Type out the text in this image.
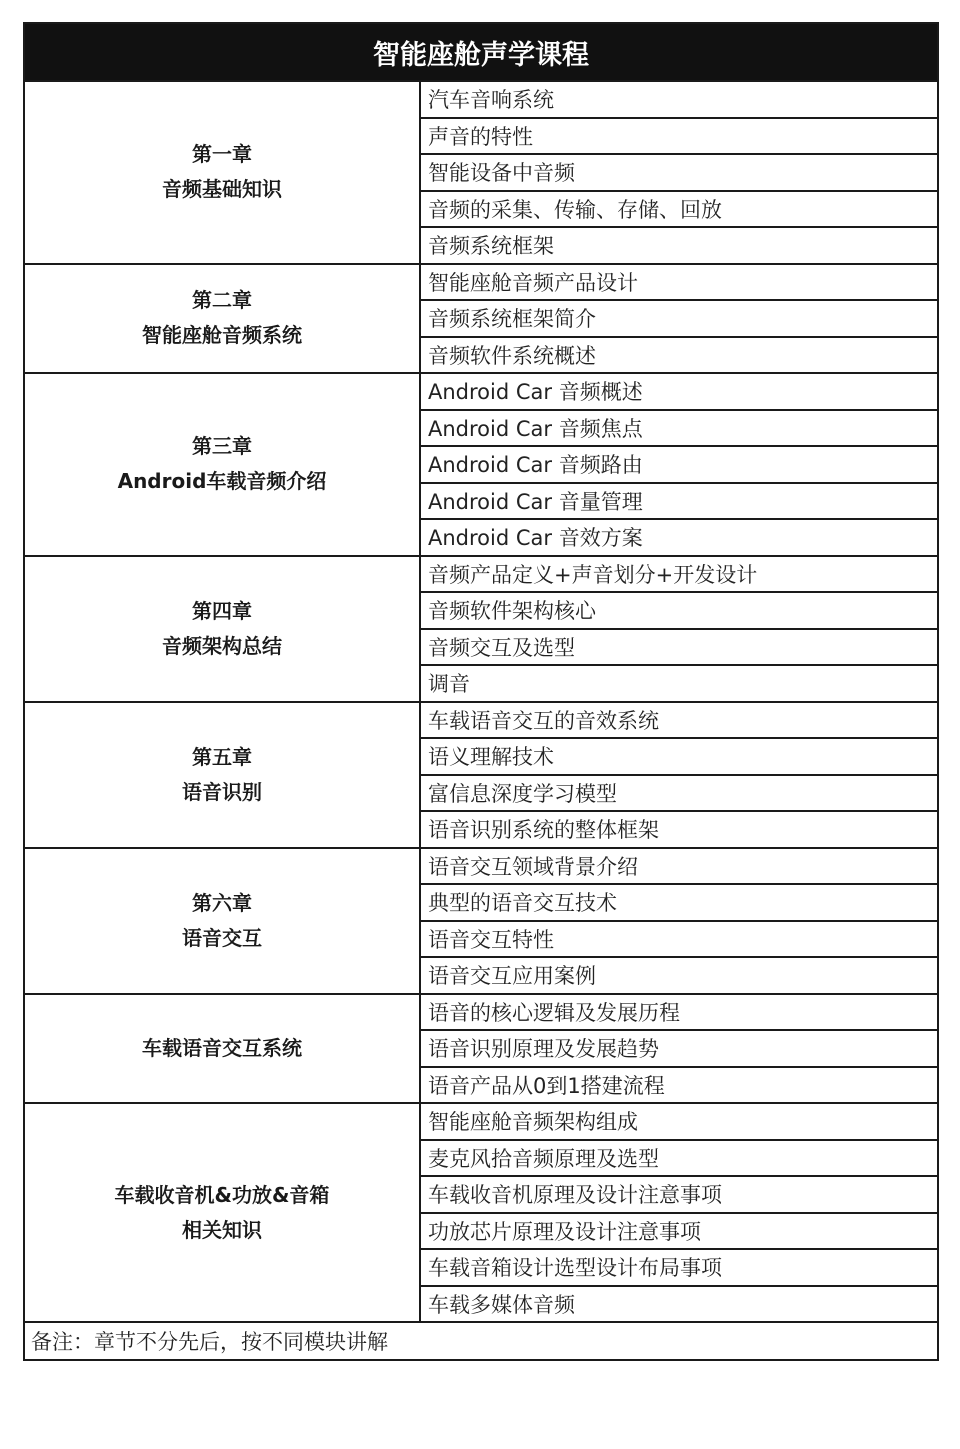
智能座舱声学课程	

第一章
音频基础知识	汽车音响系统
	声音的特性
	智能设备中音频
	音频的采集、传输、存储、回放
	音频系统框架

第二章
智能座舱音频系统	智能座舱音频产品设计
	音频系统框架简介
	音频软件系统概述

第三章
Android车载音频介绍	Android Car 音频概述
	Android Car 音频焦点
	Android Car 音频路由
	Android Car 音量管理
	Android Car 音效方案

第四章
音频架构总结	音频产品定义+声音划分+开发设计
	音频软件架构核心
	音频交互及选型
	调音

第五章
语音识别	车载语音交互的音效系统
	语义理解技术
	富信息深度学习模型
	语音识别系统的整体框架

第六章
语音交互	语音交互领域背景介绍
	典型的语音交互技术
	语音交互特性
	语音交互应用案例

车载语音交互系统	语音的核心逻辑及发展历程
	语音识别原理及发展趋势
	语音产品从0到1搭建流程

车载收音机&功放&音箱
相关知识	智能座舱音频架构组成
	麦克风拾音频原理及选型
	车载收音机原理及设计注意事项
	功放芯片原理及设计注意事项
	车载音箱设计选型设计布局事项
	车载多媒体音频
备注：章节不分先后，按不同模块讲解	
